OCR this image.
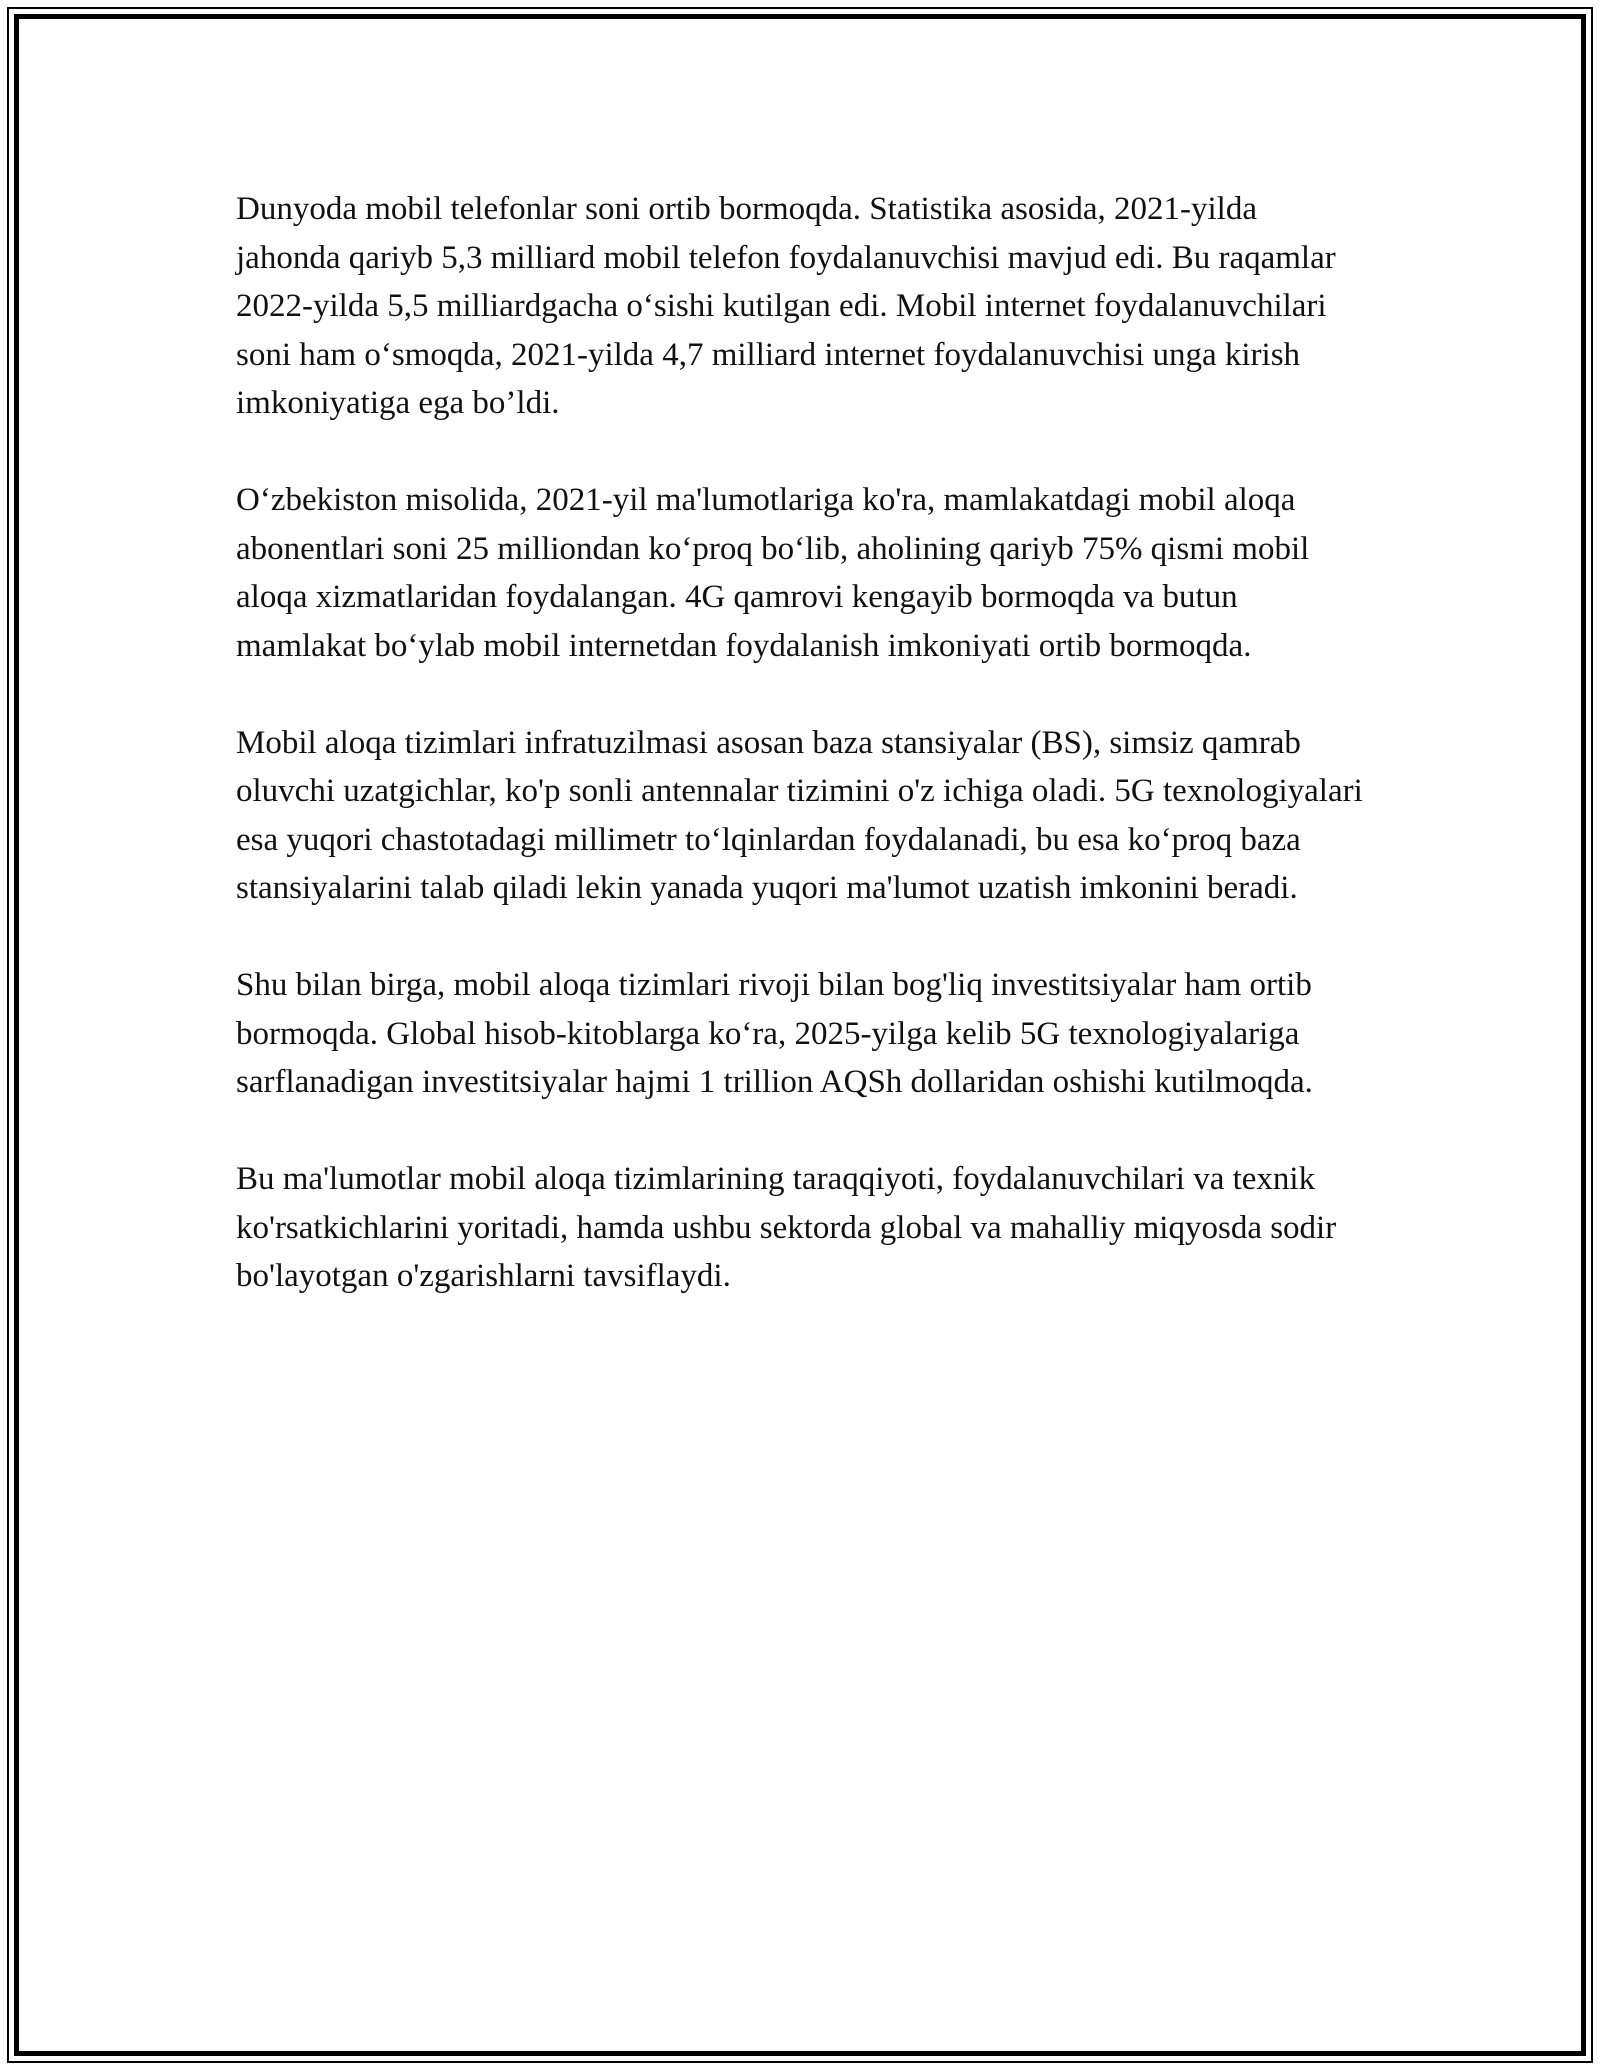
Dunyoda mobil telefonlar soni ortib bormoqda. Statistika asosida, 2021-yilda jahonda qariyb 5,3 milliard mobil telefon foydalanuvchisi mavjud edi. Bu raqamlar 2022-yilda 5,5 milliardgacha o‘sishi kutilgan edi. Mobil internet foydalanuvchilari soni ham o‘smoqda, 2021-yilda 4,7 milliard internet foydalanuvchisi unga kirish imkoniyatiga ega bo’ldi.

O‘zbekiston misolida, 2021-yil ma'lumotlariga ko'ra, mamlakatdagi mobil aloqa abonentlari soni 25 milliondan ko‘proq bo‘lib, aholining qariyb 75% qismi mobil aloqa xizmatlaridan foydalangan. 4G qamrovi kengayib bormoqda va butun mamlakat bo‘ylab mobil internetdan foydalanish imkoniyati ortib bormoqda.

Mobil aloqa tizimlari infratuzilmasi asosan baza stansiyalar (BS), simsiz qamrab oluvchi uzatgichlar, ko'p sonli antennalar tizimini o'z ichiga oladi. 5G texnologiyalari esa yuqori chastotadagi millimetr to‘lqinlardan foydalanadi, bu esa ko‘proq baza stansiyalarini talab qiladi lekin yanada yuqori ma'lumot uzatish imkonini beradi.

Shu bilan birga, mobil aloqa tizimlari rivoji bilan bog'liq investitsiyalar ham ortib bormoqda. Global hisob-kitoblarga ko‘ra, 2025-yilga kelib 5G texnologiyalariga sarflanadigan investitsiyalar hajmi 1 trillion AQSh dollaridan oshishi kutilmoqda.

Bu ma'lumotlar mobil aloqa tizimlarining taraqqiyoti, foydalanuvchilari va texnik ko'rsatkichlarini yoritadi, hamda ushbu sektorda global va mahalliy miqyosda sodir bo'layotgan o'zgarishlarni tavsiflaydi.
